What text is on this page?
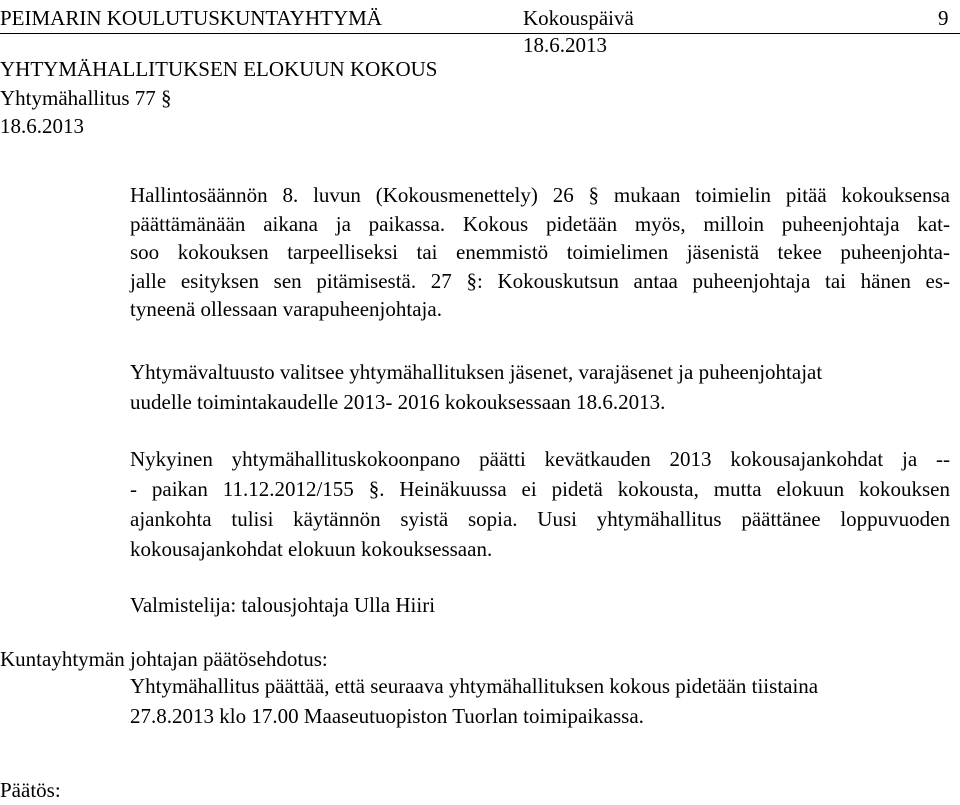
PEIMARIN KOULUTUSKUNTAYHTYMÄ	Kokouspäivä	9
18.6.2013
YHTYMÄHALLITUKSEN ELOKUUN KOKOUS
Yhtymähallitus 77 §
18.6.2013
Hallintosäännön 8. luvun (Kokousmenettely) 26 § mukaan toimielin pitää kokouksensa
päättämänään aikana ja paikassa. Kokous pidetään myös, milloin puheenjohtaja kat-
soo kokouksen tarpeelliseksi tai enemmistö toimielimen jäsenistä tekee puheenjohta-
jalle esityksen sen pitämisestä. 27 §: Kokouskutsun antaa puheenjohtaja tai hänen es-
tyneenä ollessaan varapuheenjohtaja.
Yhtymävaltuusto valitsee yhtymähallituksen jäsenet, varajäsenet ja puheenjohtajat
uudelle toimintakaudelle 2013- 2016 kokouksessaan 18.6.2013.
Nykyinen yhtymähallituskokoonpano päätti kevätkauden 2013 kokousajankohdat ja --
- paikan 11.12.2012/155 §. Heinäkuussa ei pidetä kokousta, mutta elokuun kokouksen
ajankohta tulisi käytännön syistä sopia. Uusi yhtymähallitus päättänee loppuvuoden
kokousajankohdat elokuun kokouksessaan.
Valmistelija: talousjohtaja Ulla Hiiri
Kuntayhtymän johtajan päätösehdotus:
Yhtymähallitus päättää, että seuraava yhtymähallituksen kokous pidetään tiistaina
27.8.2013 klo 17.00 Maaseutuopiston Tuorlan toimipaikassa.
Päätös:
